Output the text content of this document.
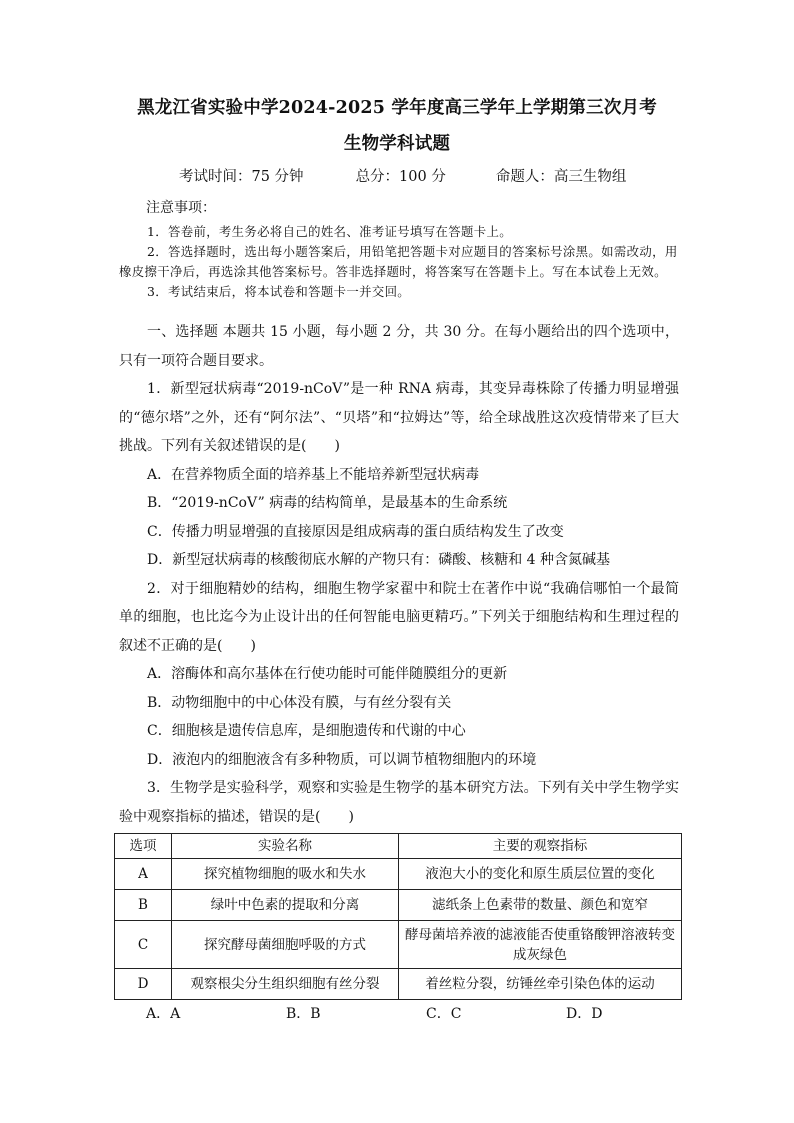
黑龙江省实验中学2024-2025 学年度高三学年上学期第三次月考
生物学科试题
考试时间：75 分钟	总分：100 分	命题人：高三生物组
注意事项：

1．答卷前，考生务必将自己的姓名、准考证号填写在答题卡上。

2．答选择题时，选出每小题答案后，用铅笔把答题卡对应题目的答案标号涂黑。如需改动，用橡皮擦干净后，再选涂其他答案标号。答非选择题时，将答案写在答题卡上。写在本试卷上无效。

3．考试结束后，将本试卷和答题卡一并交回。

一、选择题 本题共 15 小题，每小题 2 分，共 30 分。在每小题给出的四个选项中，只有一项符合题目要求。

1．新型冠状病毒“2019-nCoV”是一种 RNA 病毒，其变异毒株除了传播力明显增强的“德尔塔”之外，还有“阿尔法”、“贝塔”和“拉姆达”等，给全球战胜这次疫情带来了巨大挑战。下列有关叙述错误的是(　　)

A．在营养物质全面的培养基上不能培养新型冠状病毒

B．“2019-nCoV” 病毒的结构简单，是最基本的生命系统

C．传播力明显增强的直接原因是组成病毒的蛋白质结构发生了改变

D．新型冠状病毒的核酸彻底水解的产物只有：磷酸、核糖和 4 种含氮碱基

2．对于细胞精妙的结构，细胞生物学家翟中和院士在著作中说“我确信哪怕一个最简单的细胞，也比迄今为止设计出的任何智能电脑更精巧。”下列关于细胞结构和生理过程的叙述不正确的是(　　)

A．溶酶体和高尔基体在行使功能时可能伴随膜组分的更新

B．动物细胞中的中心体没有膜，与有丝分裂有关

C．细胞核是遗传信息库，是细胞遗传和代谢的中心

D．液泡内的细胞液含有多种物质，可以调节植物细胞内的环境

3．生物学是实验科学，观察和实验是生物学的基本研究方法。下列有关中学生物学实验中观察指标的描述，错误的是(　　)

选项	实验名称	主要的观察指标
A	探究植物细胞的吸水和失水	液泡大小的变化和原生质层位置的变化
B	绿叶中色素的提取和分离	滤纸条上色素带的数量、颜色和宽窄
C	探究酵母菌细胞呼吸的方式	酵母菌培养液的滤液能否使重铬酸钾溶液转变成灰绿色
D	观察根尖分生组织细胞有丝分裂	着丝粒分裂，纺锤丝牵引染色体的运动
A．A	B．B	C．C	D．D
